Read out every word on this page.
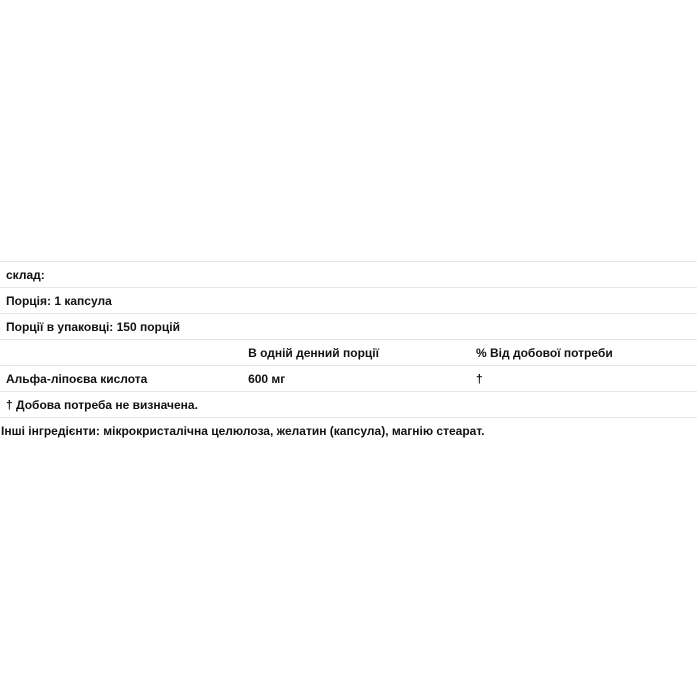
склад:		
Порція: 1 капсула		
Порції в упаковці: 150 порцій		
	В одній денний порції	% Від добової потреби
Альфа-ліпоєва кислота	600 мг	†
† Добова потреба не визначена.		
Інші інгредієнти: мікрокристалічна целюлоза, желатин (капсула), магнію стеарат.
